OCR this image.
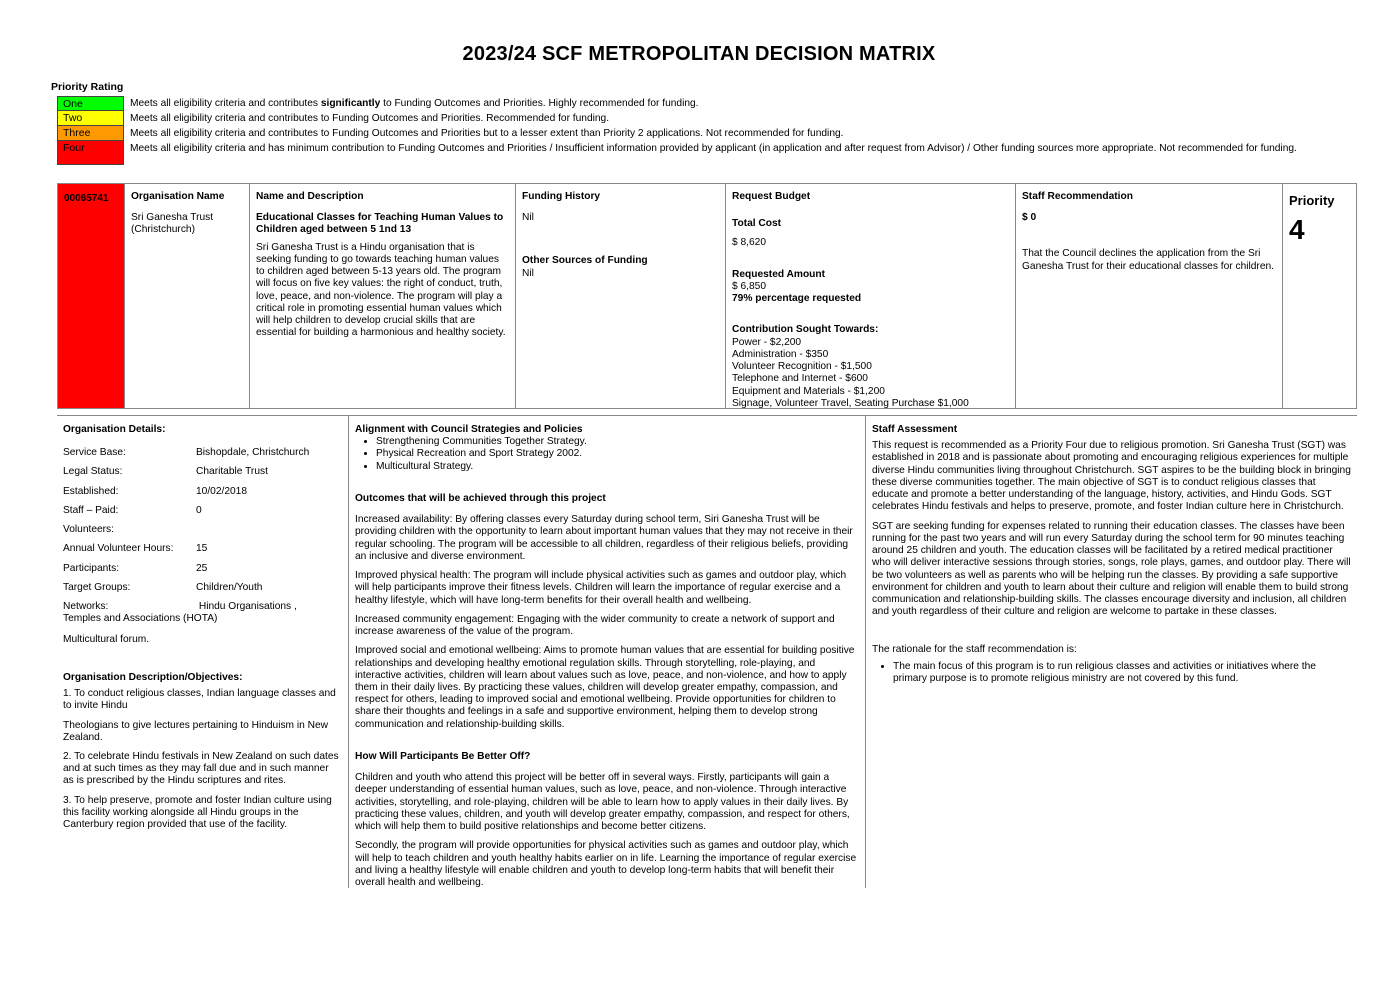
2023/24 SCF METROPOLITAN DECISION MATRIX
Priority Rating
One	Meets all eligibility criteria and contributes significantly to Funding Outcomes and Priorities. Highly recommended for funding.
Two	Meets all eligibility criteria and contributes to Funding Outcomes and Priorities. Recommended for funding.
Three	Meets all eligibility criteria and contributes to Funding Outcomes and Priorities but to a lesser extent than Priority 2 applications. Not recommended for funding.
Four	Meets all eligibility criteria and has minimum contribution to Funding Outcomes and Priorities / Insufficient information provided by applicant (in application and after request from Advisor) / Other funding sources more appropriate. Not recommended for funding.
00065741	Organisation Name
Sri Ganesha Trust (Christchurch)
Name and Description
Educational Classes for Teaching Human Values to Children aged between 5 1nd 13
Sri Ganesha Trust is a Hindu organisation that is seeking funding to go towards teaching human values to children aged between 5-13 years old. The program will focus on five key values: the right of conduct, truth, love, peace, and non-violence. The program will play a critical role in promoting essential human values which will help children to develop crucial skills that are essential for building a harmonious and healthy society.
Funding History
Nil
Other Sources of Funding
Nil
Request Budget
Total Cost
$ 8,620
Requested Amount
$ 6,850
79% percentage requested
Contribution Sought Towards:
Power - $2,200
Administration - $350
Volunteer Recognition - $1,500
Telephone and Internet - $600
Equipment and Materials - $1,200
Signage, Volunteer Travel, Seating Purchase $1,000
Staff Recommendation
$ 0
That the Council declines the application from the Sri Ganesha Trust for their educational classes for children.
Priority
4
Organisation Details:
Service Base:	Bishopdale, Christchurch
Legal Status:	Charitable Trust
Established:	10/02/2018
Staff – Paid:	0
Volunteers:
Annual Volunteer Hours:	15
Participants:	25
Target Groups:	Children/Youth
Networks:	Hindu Organisations ,
Temples and Associations (HOTA)
Multicultural forum.
Organisation Description/Objectives:
1. To conduct religious classes, Indian language classes and to invite Hindu
Theologians to give lectures pertaining to Hinduism in New Zealand.
2. To celebrate Hindu festivals in New Zealand on such dates and at such times as they may fall due and in such manner as is prescribed by the Hindu scriptures and rites.
3. To help preserve, promote and foster Indian culture using this facility working alongside all Hindu groups in the Canterbury region provided that use of the facility.
Alignment with Council Strategies and Policies
• Strengthening Communities Together Strategy.
• Physical Recreation and Sport Strategy 2002.
• Multicultural Strategy.
Outcomes that will be achieved through this project
Increased availability: By offering classes every Saturday during school term, Siri Ganesha Trust will be providing children with the opportunity to learn about important human values that they may not receive in their regular schooling. The program will be accessible to all children, regardless of their religious beliefs, providing an inclusive and diverse environment.
Improved physical health: The program will include physical activities such as games and outdoor play, which will help participants improve their fitness levels. Children will learn the importance of regular exercise and a healthy lifestyle, which will have long-term benefits for their overall health and wellbeing.
Increased community engagement: Engaging with the wider community to create a network of support and increase awareness of the value of the program.
Improved social and emotional wellbeing: Aims to promote human values that are essential for building positive relationships and developing healthy emotional regulation skills. Through storytelling, role-playing, and interactive activities, children will learn about values such as love, peace, and non-violence, and how to apply them in their daily lives. By practicing these values, children will develop greater empathy, compassion, and respect for others, leading to improved social and emotional wellbeing. Provide opportunities for children to share their thoughts and feelings in a safe and supportive environment, helping them to develop strong communication and relationship-building skills.
How Will Participants Be Better Off?
Children and youth who attend this project will be better off in several ways. Firstly, participants will gain a deeper understanding of essential human values, such as love, peace, and non-violence. Through interactive activities, storytelling, and role-playing, children will be able to learn how to apply values in their daily lives. By practicing these values, children, and youth will develop greater empathy, compassion, and respect for others, which will help them to build positive relationships and become better citizens.
Secondly, the program will provide opportunities for physical activities such as games and outdoor play, which will help to teach children and youth healthy habits earlier on in life. Learning the importance of regular exercise and living a healthy lifestyle will enable children and youth to develop long-term habits that will benefit their overall health and wellbeing.
Staff Assessment
This request is recommended as a Priority Four due to religious promotion. Sri Ganesha Trust (SGT) was established in 2018 and is passionate about promoting and encouraging religious experiences for multiple diverse Hindu communities living throughout Christchurch. SGT aspires to be the building block in bringing these diverse communities together. The main objective of SGT is to conduct religious classes that educate and promote a better understanding of the language, history, activities, and Hindu Gods. SGT celebrates Hindu festivals and helps to preserve, promote, and foster Indian culture here in Christchurch.
SGT are seeking funding for expenses related to running their education classes. The classes have been running for the past two years and will run every Saturday during the school term for 90 minutes teaching around 25 children and youth. The education classes will be facilitated by a retired medical practitioner who will deliver interactive sessions through stories, songs, role plays, games, and outdoor play. There will be two volunteers as well as parents who will be helping run the classes. By providing a safe supportive environment for children and youth to learn about their culture and religion will enable them to build strong communication and relationship-building skills. The classes encourage diversity and inclusion, all children and youth regardless of their culture and religion are welcome to partake in these classes.
The rationale for the staff recommendation is:
• The main focus of this program is to run religious classes and activities or initiatives where the primary purpose is to promote religious ministry are not covered by this fund.
